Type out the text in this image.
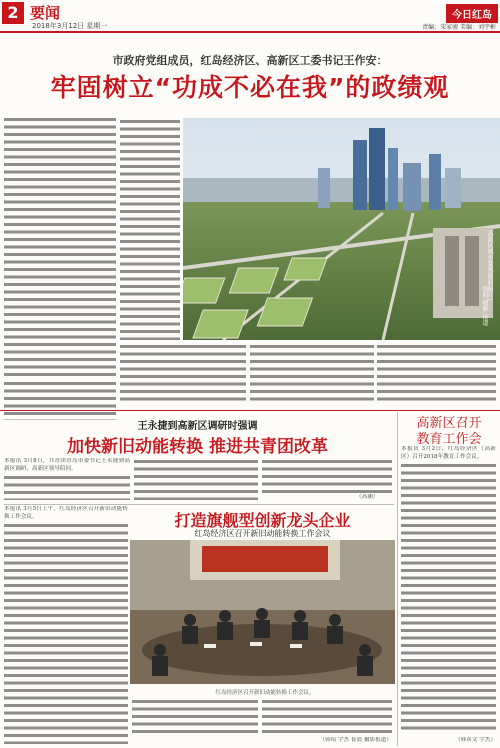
2 要闻
2018年3月12日 星期一
今日红岛
责编：宋家骏 美编：刘宇彬
市政府党组成员，红岛经济区、高新区工委书记王作安：
牢固树立“功成不必在我”的政绩观
高新区城市景观(资料图片)
资料 摄影 报道
王永捷到高新区调研时强调
加快新旧动能转换 推进共青团改革
本报讯 3月8日，共青团青岛市委书记王永捷到高新区调研，高新区领导陪同。
（高涵）
打造旗舰型创新龙头企业
红岛经济区召开新旧动能转换工作会议
本报讯 3月5日上午，红岛经济区召开新旧动能转换工作会议。
红岛经济区召开新旧动能转换工作会议。
（韩培 宇杰 崔晨 摄影报道）
高新区召开
教育工作会
本报讯 3月2日，红岛经济区（高新区）召开2018年教育工作会议。
（韩彦文 宇杰）
